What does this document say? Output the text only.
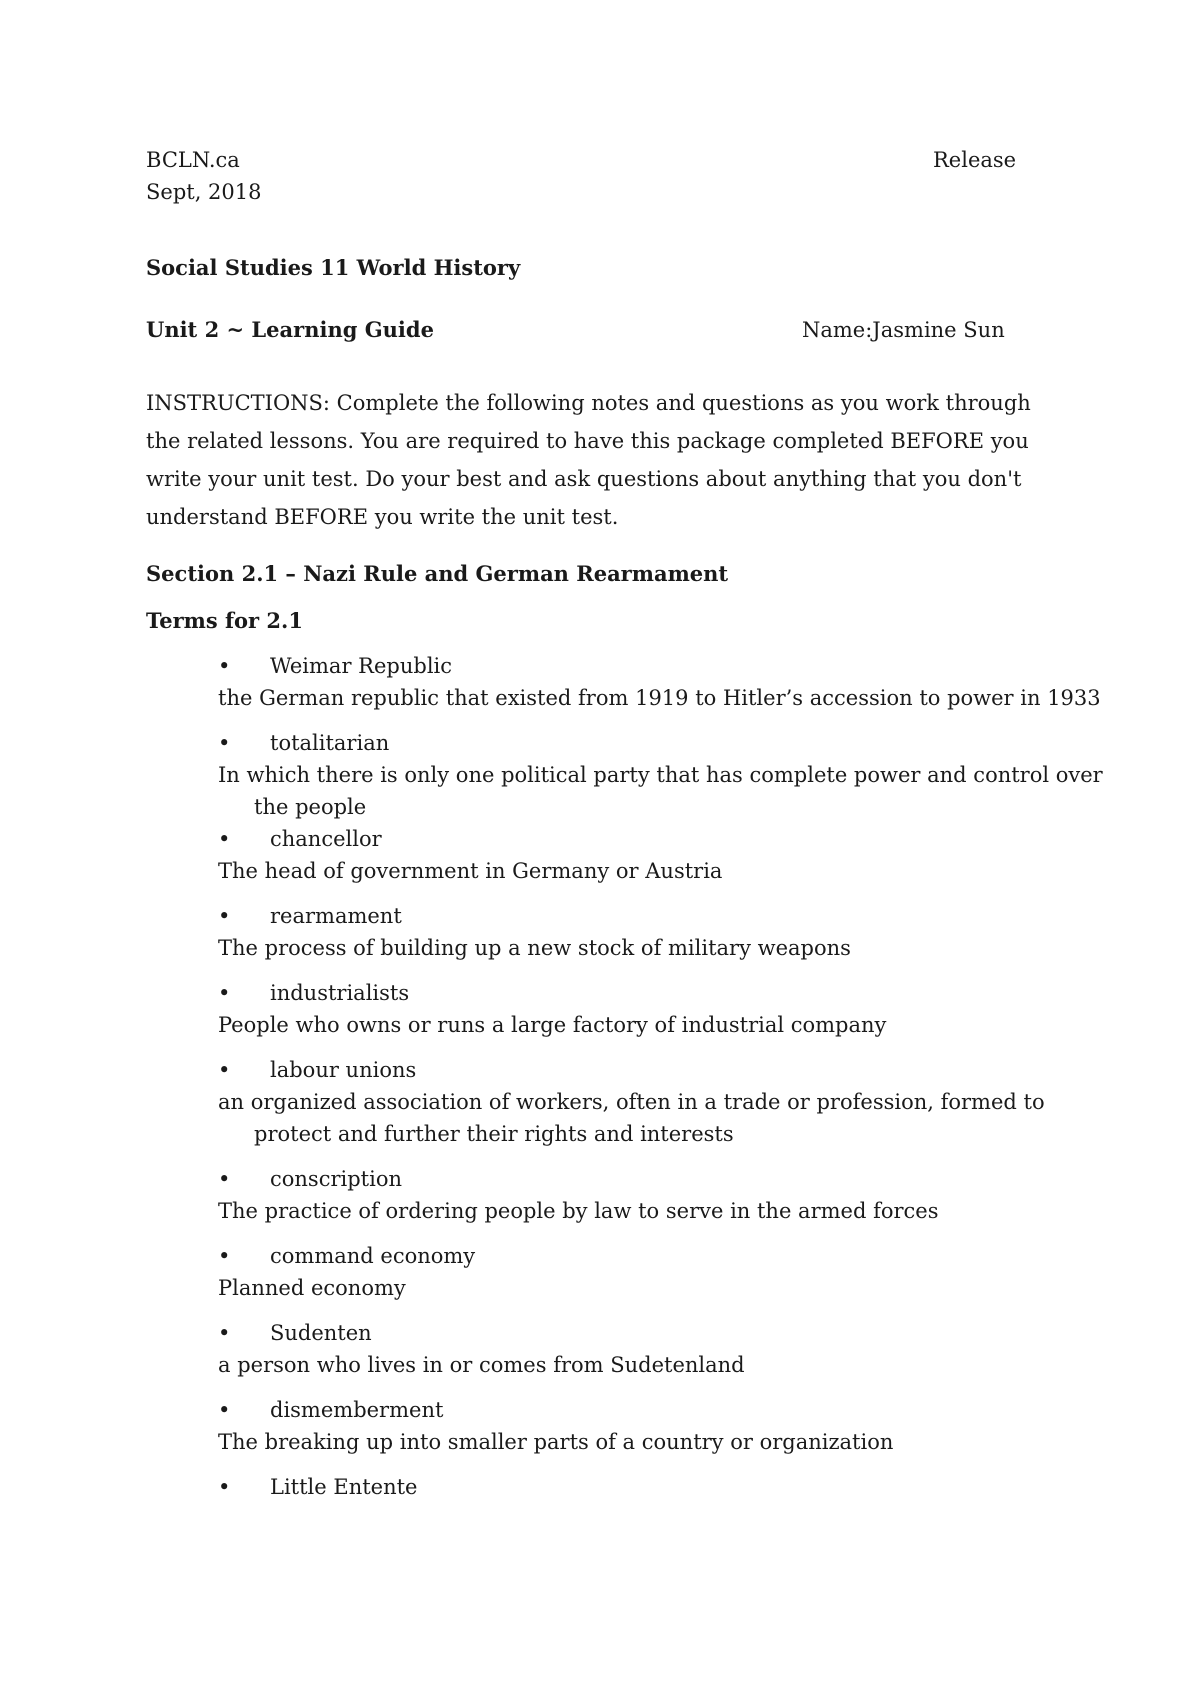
BCLN.ca	Release
Sept, 2018
Social Studies 11 World History
Unit 2 ~ Learning Guide	Name:Jasmine Sun
INSTRUCTIONS: Complete the following notes and questions as you work through the related lessons. You are required to have this package completed BEFORE you write your unit test. Do your best and ask questions about anything that you don't understand BEFORE you write the unit test.
Section 2.1 – Nazi Rule and German Rearmament
Terms for 2.1
• Weimar Republic
the German republic that existed from 1919 to Hitler’s accession to power in 1933
• totalitarian
In which there is only one political party that has complete power and control over the people
• chancellor
The head of government in Germany or Austria
• rearmament
The process of building up a new stock of military weapons
• industrialists
People who owns or runs a large factory of industrial company
• labour unions
an organized association of workers, often in a trade or profession, formed to protect and further their rights and interests
• conscription
The practice of ordering people by law to serve in the armed forces
• command economy
Planned economy
• Sudenten
a person who lives in or comes from Sudetenland
• dismemberment
The breaking up into smaller parts of a country or organization
• Little Entente
